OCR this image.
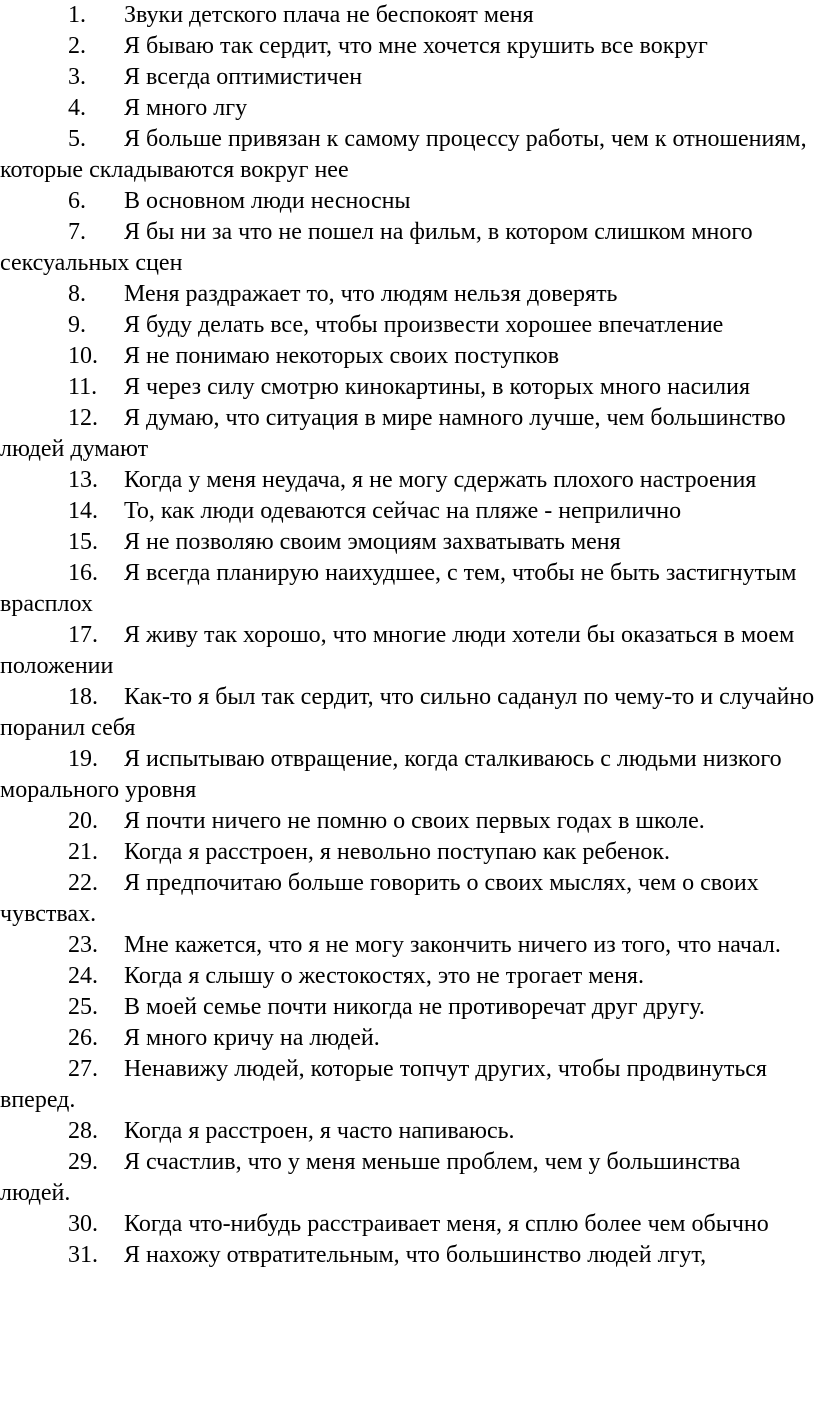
1. Звуки детского плача не беспокоят меня
2. Я бываю так сердит, что мне хочется крушить все вокруг
3. Я всегда оптимистичен
4. Я много лгу
5. Я больше привязан к самому процессу работы, чем к отношениям, которые складываются вокруг нее
6. В основном люди несносны
7. Я бы ни за что не пошел на фильм, в котором слишком много сексуальных сцен
8. Меня раздражает то, что людям нельзя доверять
9. Я буду делать все, чтобы произвести хорошее впечатление
10. Я не понимаю некоторых своих поступков
11. Я через силу смотрю кинокартины, в которых много насилия
12. Я думаю, что ситуация в мире намного лучше, чем большинство людей думают
13. Когда у меня неудача, я не могу сдержать плохого настроения
14. То, как люди одеваются сейчас на пляже - неприлично
15. Я не позволяю своим эмоциям захватывать меня
16. Я всегда планирую наихудшее, с тем, чтобы не быть застигнутым врасплох
17. Я живу так хорошо, что многие люди хотели бы оказаться в моем положении
18. Как-то я был так сердит, что сильно саданул по чему-то и случайно поранил себя
19. Я испытываю отвращение, когда сталкиваюсь с людьми низкого морального уровня
20. Я почти ничего не помню о своих первых годах в школе.
21. Когда я расстроен, я невольно поступаю как ребенок.
22. Я предпочитаю больше говорить о своих мыслях, чем о своих чувствах.
23. Мне кажется, что я не могу закончить ничего из того, что начал.
24. Когда я слышу о жестокостях, это не трогает меня.
25. В моей семье почти никогда не противоречат друг другу.
26. Я много кричу на людей.
27. Ненавижу людей, которые топчут других, чтобы продвинуться вперед.
28. Когда я расстроен, я часто напиваюсь.
29. Я счастлив, что у меня меньше проблем, чем у большинства людей.
30. Когда что-нибудь расстраивает меня, я сплю более чем обычно
31. Я нахожу отвратительным, что большинство людей лгут,
